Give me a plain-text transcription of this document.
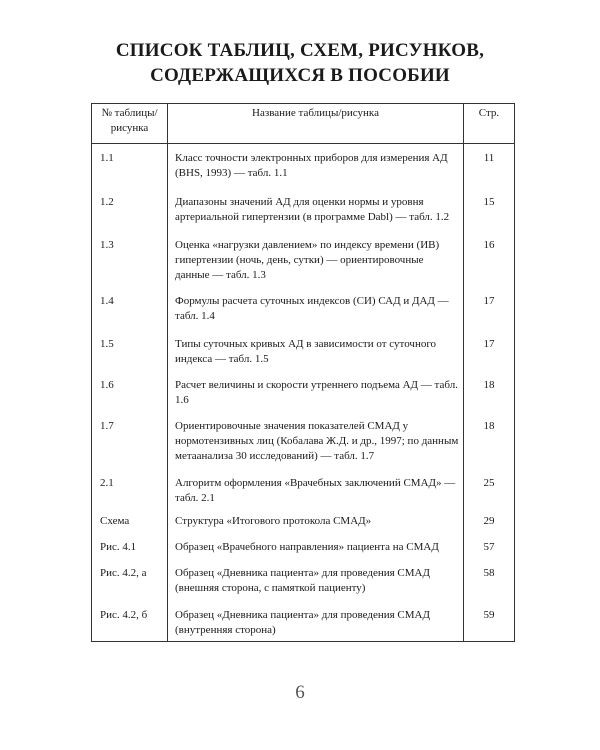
СПИСОК ТАБЛИЦ, СХЕМ, РИСУНКОВ,
СОДЕРЖАЩИХСЯ В ПОСОБИИ
№ таблицы/ рисунка	Название таблицы/рисунка	Стр.
1.1	Класс точности электронных приборов для измерения АД (BHS, 1993) — табл. 1.1	11
1.2	Диапазоны значений АД для оценки нормы и уровня артериальной гипертензии (в программе Dabl) — табл. 1.2	15
1.3	Оценка «нагрузки давлением» по индексу времени (ИВ) гипертензии (ночь, день, сутки) — ориентировочные данные — табл. 1.3	16
1.4	Формулы расчета суточных индексов (СИ) САД и ДАД — табл. 1.4	17
1.5	Типы суточных кривых АД в зависимости от суточного индекса — табл. 1.5	17
1.6	Расчет величины и скорости утреннего подъема АД — табл. 1.6	18
1.7	Ориентировочные значения показателей СМАД у нормотензивных лиц (Кобалава Ж.Д. и др., 1997; по данным метаанализа 30 исследований) — табл. 1.7	18
2.1	Алгоритм оформления «Врачебных заключений СМАД» — табл. 2.1	25
Схема	Структура «Итогового протокола СМАД»	29
Рис. 4.1	Образец «Врачебного направления» пациента на СМАД	57
Рис. 4.2, а	Образец «Дневника пациента» для проведения СМАД (внешняя сторона, с памяткой пациенту)	58
Рис. 4.2, б	Образец «Дневника пациента» для проведения СМАД (внутренняя сторона)	59
6
